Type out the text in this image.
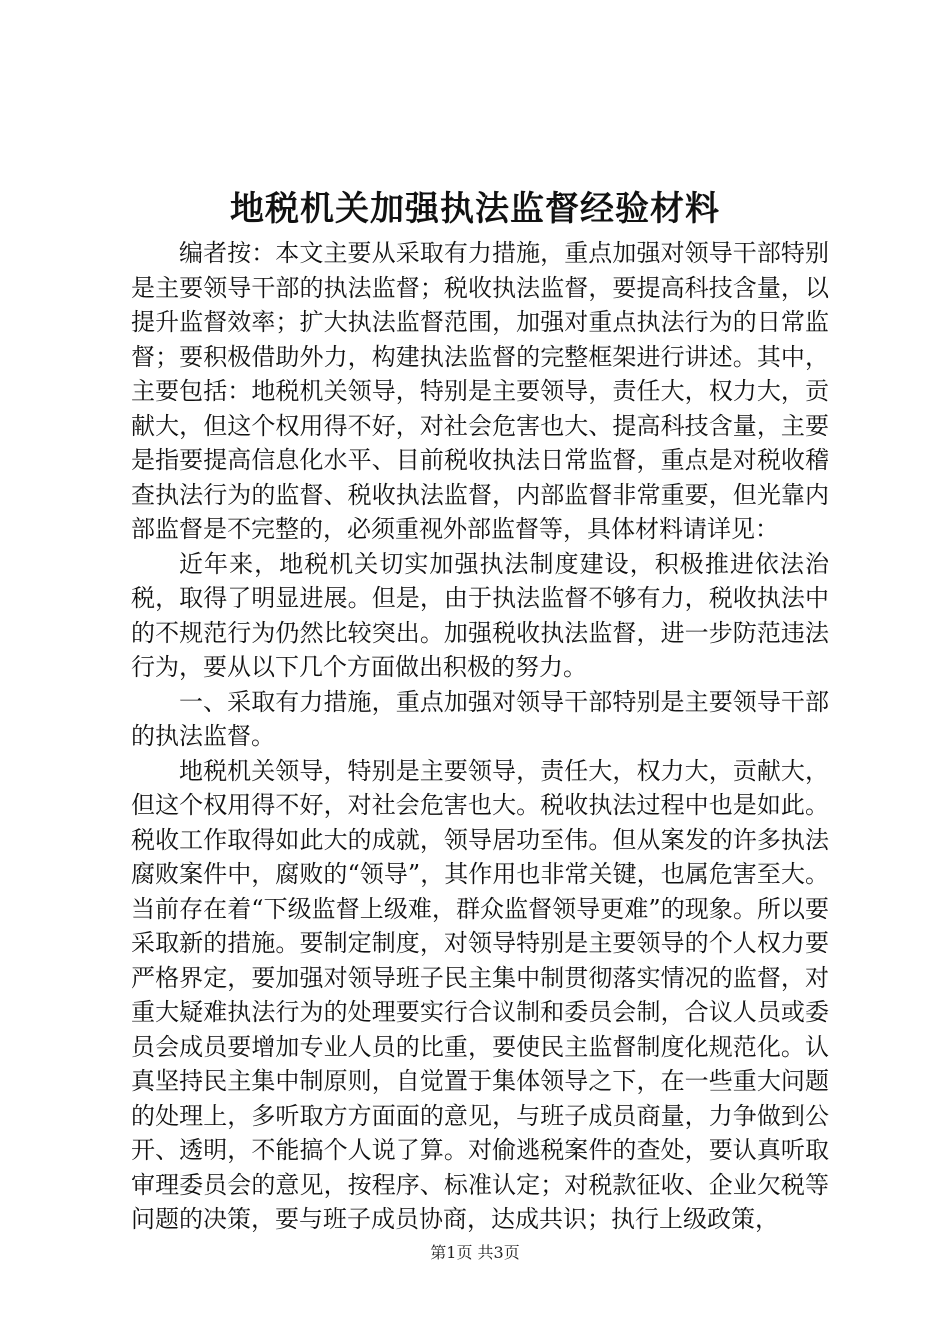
地税机关加强执法监督经验材料

编者按：本文主要从采取有力措施，重点加强对领导干部特别是主要领导干部的执法监督；税收执法监督，要提高科技含量，以提升监督效率；扩大执法监督范围，加强对重点执法行为的日常监督；要积极借助外力，构建执法监督的完整框架进行讲述。其中，主要包括：地税机关领导，特别是主要领导，责任大，权力大，贡献大，但这个权用得不好，对社会危害也大、提高科技含量，主要是指要提高信息化水平、目前税收执法日常监督，重点是对税收稽查执法行为的监督、税收执法监督，内部监督非常重要，但光靠内部监督是不完整的，必须重视外部监督等，具体材料请详见：

近年来，地税机关切实加强执法制度建设，积极推进依法治税，取得了明显进展。但是，由于执法监督不够有力，税收执法中的不规范行为仍然比较突出。加强税收执法监督，进一步防范违法行为，要从以下几个方面做出积极的努力。

一、采取有力措施，重点加强对领导干部特别是主要领导干部的执法监督。

地税机关领导，特别是主要领导，责任大，权力大，贡献大，但这个权用得不好，对社会危害也大。税收执法过程中也是如此。税收工作取得如此大的成就，领导居功至伟。但从案发的许多执法腐败案件中，腐败的“领导”，其作用也非常关键，也属危害至大。当前存在着“下级监督上级难，群众监督领导更难”的现象。所以要采取新的措施。要制定制度，对领导特别是主要领导的个人权力要严格界定，要加强对领导班子民主集中制贯彻落实情况的监督，对重大疑难执法行为的处理要实行合议制和委员会制，合议人员或委员会成员要增加专业人员的比重，要使民主监督制度化规范化。认真坚持民主集中制原则，自觉置于集体领导之下，在一些重大问题的处理上，多听取方方面面的意见，与班子成员商量，力争做到公开、透明，不能搞个人说了算。对偷逃税案件的查处，要认真听取审理委员会的意见，按程序、标准认定；对税款征收、企业欠税等问题的决策，要与班子成员协商，达成共识；执行上级政策，

第1页 共3页
